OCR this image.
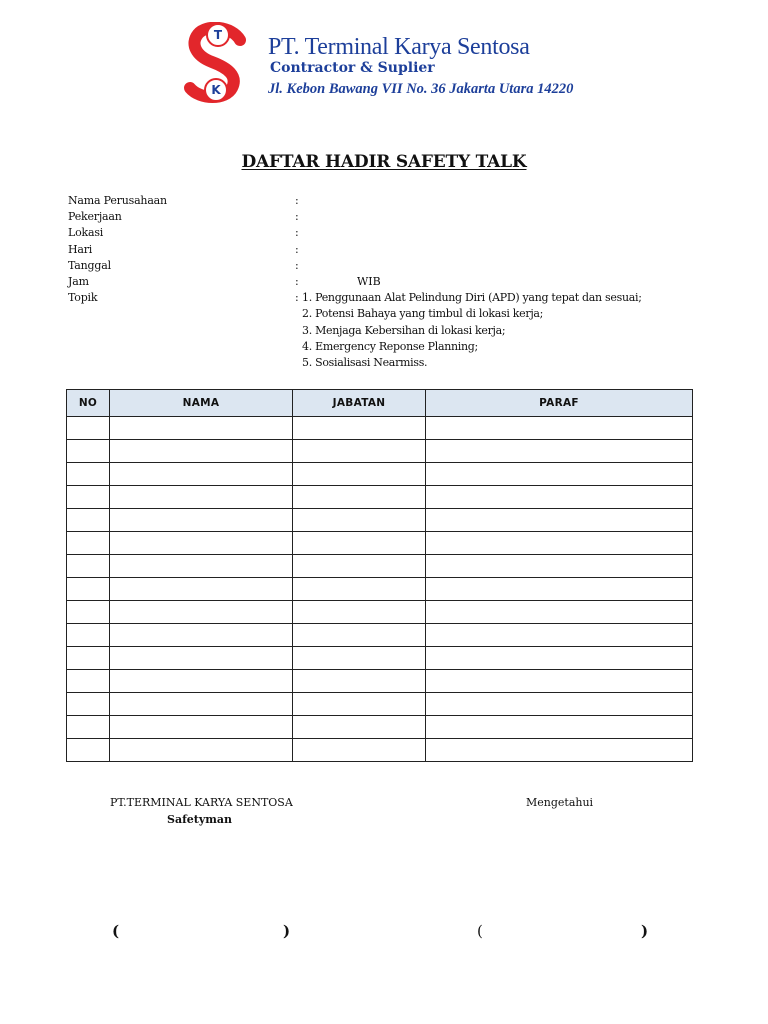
T
K
PT. Terminal Karya Sentosa
Contractor & Suplier
Jl. Kebon Bawang VII No. 36 Jakarta Utara 14220
DAFTAR HADIR SAFETY TALK
Nama Perusahaan	:
Pekerjaan	:
Lokasi	:
Hari	:
Tanggal	:
Jam	:	WIB
Topik	: 1. Penggunaan Alat Pelindung Diri (APD) yang tepat dan sesuai;
2. Potensi Bahaya yang timbul di lokasi kerja;
3. Menjaga Kebersihan di lokasi kerja;
4. Emergency Reponse Planning;
5. Sosialisasi Nearmiss.
NO	NAMA	JABATAN	PARAF

PT.TERMINAL KARYA SENTOSA
Safetyman
Mengetahui
(	)	(	)
